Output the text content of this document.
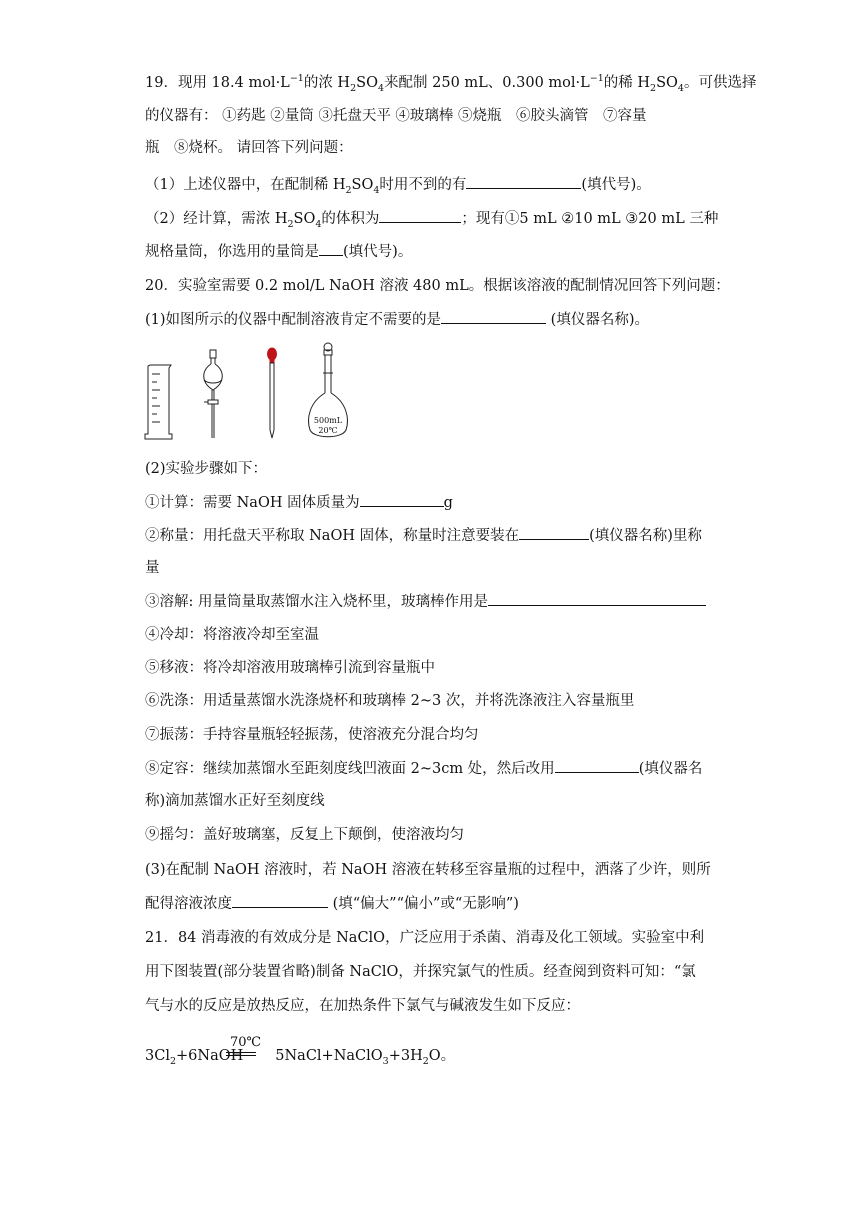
19．现用 18.4 $mol\cdot L^{-1}$的浓 $H_2SO_4$来配制 250 mL、0.300 $mol\cdot L^{-1}$的稀 $H_2SO_4$。可供选择
的仪器有： ①药匙 ②量筒 ③托盘天平 ④玻璃棒 ⑤烧瓶　⑥胶头滴管　⑦容量
瓶　⑧烧杯。 请回答下列问题：
（1）上述仪器中，在配制稀 $H_2SO_4$时用不到的有	(填代号)。
（2）经计算，需浓 $H_2SO_4$的体积为	；现有①5 mL ②10 mL ③20 mL 三种
规格量筒，你选用的量筒是 (填代号)。
20．实验室需要 0.2 mol/L NaOH 溶液 480 mL。根据该溶液的配制情况回答下列问题：
(1)如图所示的仪器中配制溶液肯定不需要的是	(填仪器名称)。
500mL
20℃
(2)实验步骤如下：
①计算：需要 NaOH 固体质量为	g
②称量：用托盘天平称取 NaOH 固体，称量时注意要装在	(填仪器名称)里称
量
③溶解: 用量筒量取蒸馏水注入烧杯里，玻璃棒作用是
④冷却：将溶液冷却至室温
⑤移液：将冷却溶液用玻璃棒引流到容量瓶中
⑥洗涤：用适量蒸馏水洗涤烧杯和玻璃棒 2~3 次，并将洗涤液注入容量瓶里
⑦振荡：手持容量瓶轻轻振荡，使溶液充分混合均匀
⑧定容：继续加蒸馏水至距刻度线凹液面 2~3cm 处，然后改用	(填仪器名
称)滴加蒸馏水正好至刻度线
⑨摇匀：盖好玻璃塞，反复上下颠倒，使溶液均匀
(3)在配制 NaOH 溶液时，若 NaOH 溶液在转移至容量瓶的过程中，洒落了少许，则所
配得溶液浓度	(填“偏大”“偏小”或“无影响”)
21．84 消毒液的有效成分是 NaClO，广泛应用于杀菌、消毒及化工领域。实验室中利
用下图装置(部分装置省略)制备 NaClO，并探究氯气的性质。经查阅到资料可知：“氯
气与水的反应是放热反应，在加热条件下氯气与碱液发生如下反应：
70℃
$3Cl_2+6NaOH$ $5NaCl+NaClO_3+3H_2O$。
